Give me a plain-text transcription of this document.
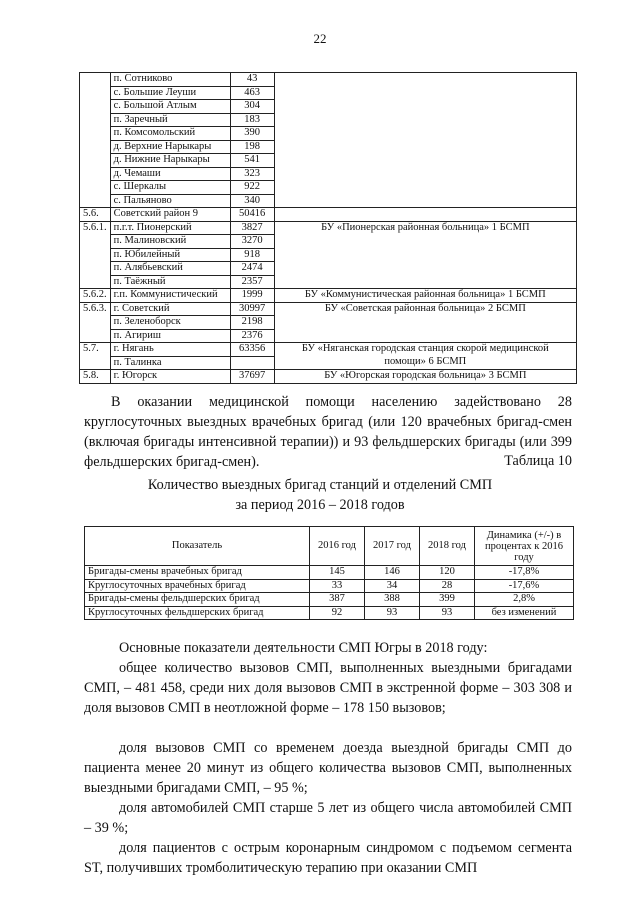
22
	п. Сотниково	43	
	с. Большие Леуши	463	
	с. Большой Атлым	304	
	п. Заречный	183	
	п. Комсомольский	390	
	д. Верхние Нарыкары	198	
	д. Нижние Нарыкары	541	
	д. Чемаши	323	
	с. Шеркалы	922	
	с. Пальяново	340	
5.6.	Советский район 9	50416	
5.6.1.	п.г.т. Пионерский	3827	БУ «Пионерская районная больница» 1 БСМП
	п. Малиновский	3270	
	п. Юбилейный	918	
	п. Алябьевский	2474	
	п. Таёжный	2357	
5.6.2.	г.п. Коммунистический	1999	БУ «Коммунистическая районная больница» 1 БСМП
5.6.3.	г. Советский	30997	БУ «Советская районная больница» 2 БСМП
	п. Зеленоборск	2198	
	п. Агириш	2376	
5.7.	г. Нягань	63356	БУ «Няганская городская станция скорой медицинской
	п. Талинка		помощи» 6 БСМП
5.8.	г. Югорск	37697	БУ «Югорская городская больница» 3 БСМП
В оказании медицинской помощи населению задействовано 28 круглосуточных выездных врачебных бригад (или 120 врачебных бригад-смен (включая бригады интенсивной терапии)) и 93 фельдшерских бригады (или 399 фельдшерских бригад-смен).	Таблица 10
Количество выездных бригад станций и отделений СМП
за период 2016 – 2018 годов
Показатель	2016 год	2017 год	2018 год	Динамика (+/-) в процентах к 2016 году
Бригады-смены врачебных бригад	145	146	120	-17,8%
Круглосуточных врачебных бригад	33	34	28	-17,6%
Бригады-смены фельдшерских бригад	387	388	399	2,8%
Круглосуточных фельдшерских бригад	92	93	93	без изменений
Основные показатели деятельности СМП Югры в 2018 году:
общее количество вызовов СМП, выполненных выездными бригадами СМП, – 481 458, среди них доля вызовов СМП в экстренной форме – 303 308 и доля вызовов СМП в неотложной форме – 178 150 вызовов;
доля вызовов СМП со временем доезда выездной бригады СМП до пациента менее 20 минут из общего количества вызовов СМП, выполненных выездными бригадами СМП, – 95 %;
доля автомобилей СМП старше 5 лет из общего числа автомобилей СМП – 39 %;
доля пациентов с острым коронарным синдромом с подъемом сегмента ST, получивших тромболитическую терапию при оказании СМП
